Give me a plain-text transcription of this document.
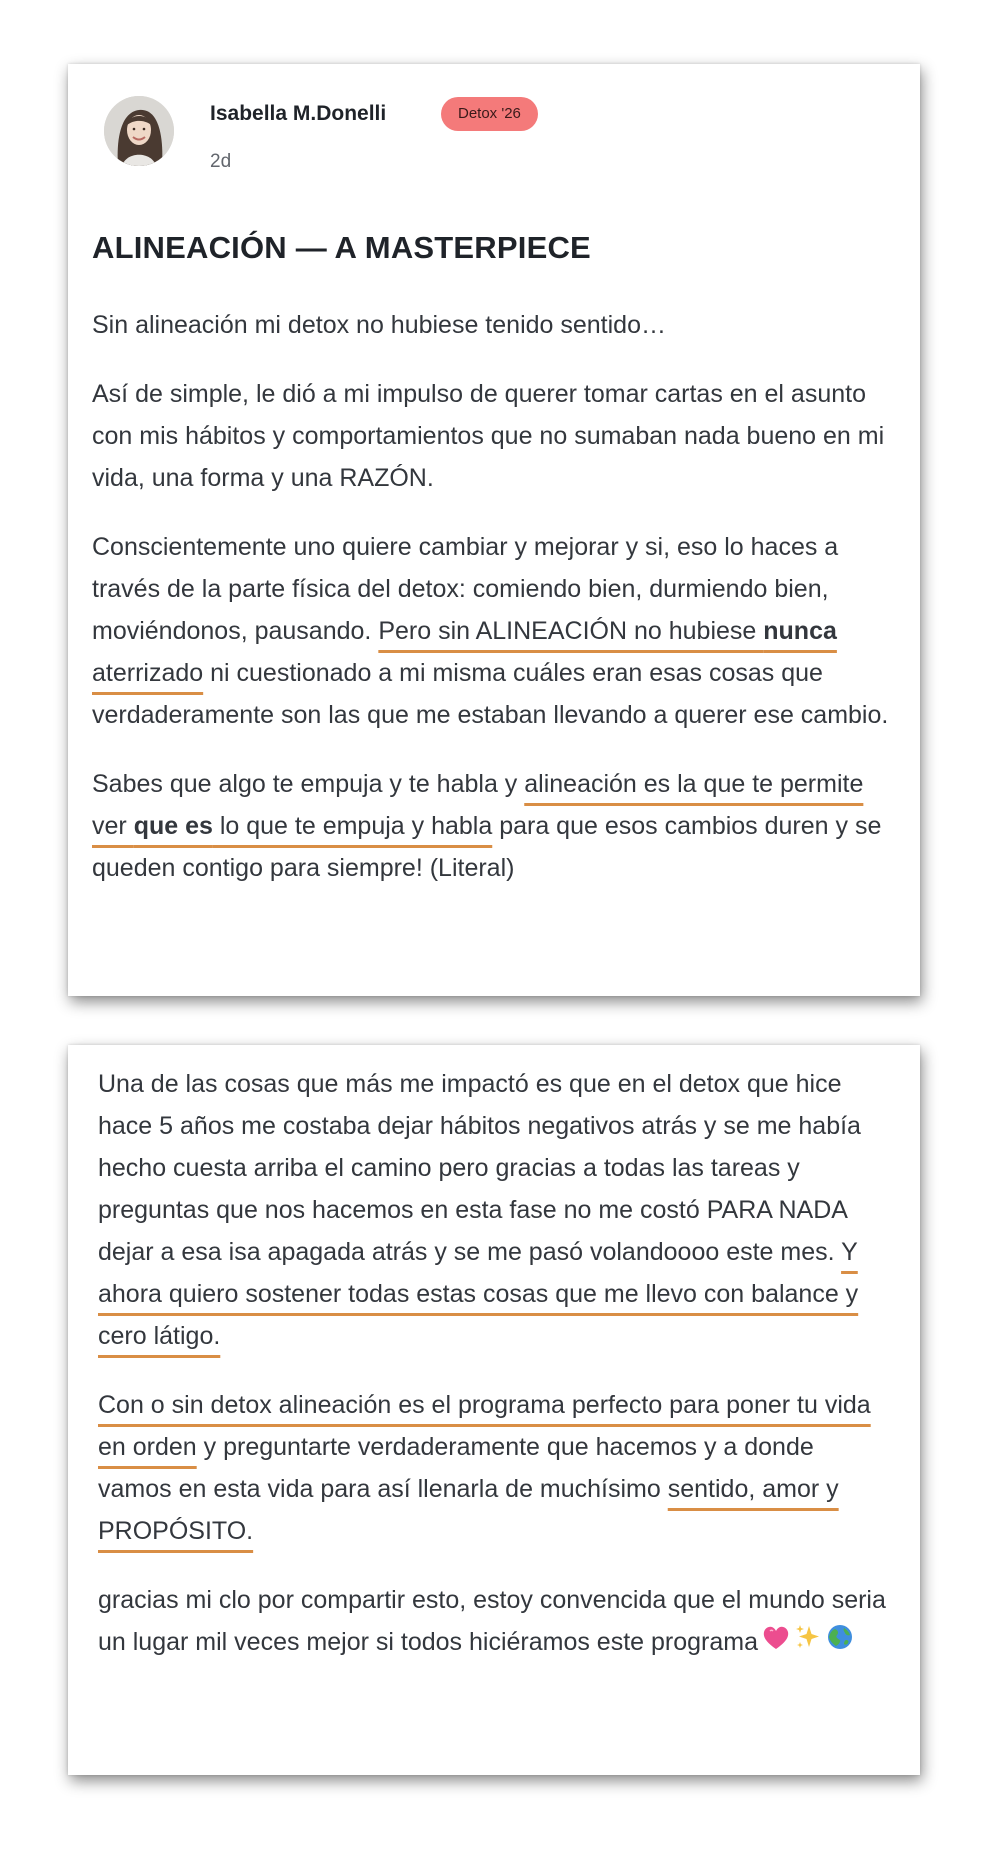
Isabella M.Donelli	Detox '26
2d
ALINEACIÓN — A MASTERPIECE

Sin alineación mi detox no hubiese tenido sentido…

Así de simple, le dió a mi impulso de querer tomar cartas en el asunto con mis hábitos y comportamientos que no sumaban nada bueno en mi vida, una forma y una RAZÓN.

Conscientemente uno quiere cambiar y mejorar y si, eso lo haces a través de la parte física del detox: comiendo bien, durmiendo bien, moviéndonos, pausando. Pero sin ALINEACIÓN no hubiese nunca aterrizado ni cuestionado a mi misma cuáles eran esas cosas que verdaderamente son las que me estaban llevando a querer ese cambio.

Sabes que algo te empuja y te habla y alineación es la que te permite ver que es lo que te empuja y habla para que esos cambios duren y se queden contigo para siempre! (Literal)

Una de las cosas que más me impactó es que en el detox que hice hace 5 años me costaba dejar hábitos negativos atrás y se me había hecho cuesta arriba el camino pero gracias a todas las tareas y preguntas que nos hacemos en esta fase no me costó PARA NADA dejar a esa isa apagada atrás y se me pasó volandoooo este mes. Y ahora quiero sostener todas estas cosas que me llevo con balance y cero látigo.

Con o sin detox alineación es el programa perfecto para poner tu vida en orden y preguntarte verdaderamente que hacemos y a donde vamos en esta vida para así llenarla de muchísimo sentido, amor y PROPÓSITO.

gracias mi clo por compartir esto, estoy convencida que el mundo seria un lugar mil veces mejor si todos hiciéramos este programa
